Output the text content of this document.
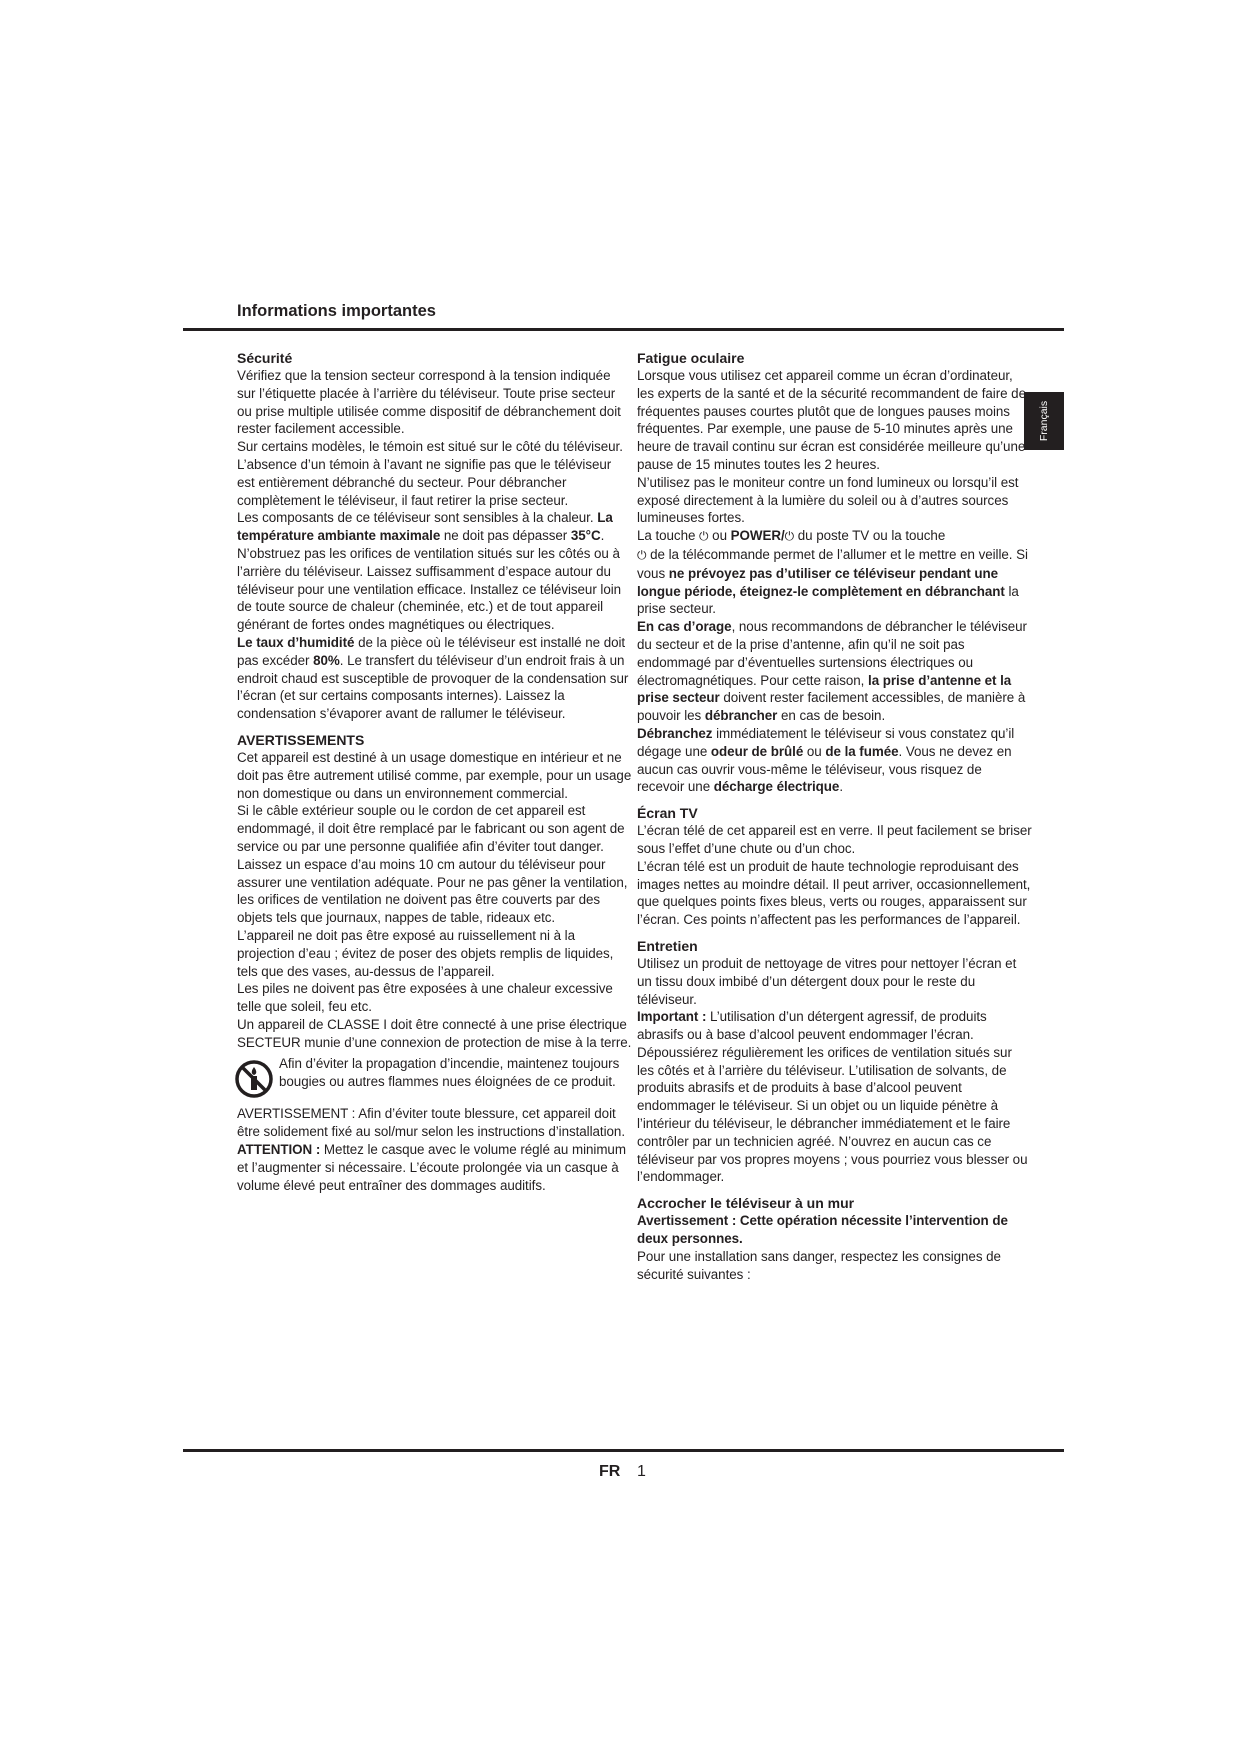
Informations importantes
Français
Sécurité

Vérifiez que la tension secteur correspond à la tension indiquée sur l’étiquette placée à l’arrière du téléviseur. Toute prise secteur ou prise multiple utilisée comme dispositif de débranchement doit rester facilement accessible.

Sur certains modèles, le témoin est situé sur le côté du téléviseur. L’absence d’un témoin à l’avant ne signifie pas que le téléviseur est entièrement débranché du secteur. Pour débrancher complètement le téléviseur, il faut retirer la prise secteur.

Les composants de ce téléviseur sont sensibles à la chaleur. La température ambiante maximale ne doit pas dépasser 35°C. N’obstruez pas les orifices de ventilation situés sur les côtés ou à l’arrière du téléviseur. Laissez suffisamment d’espace autour du téléviseur pour une ventilation efficace. Installez ce téléviseur loin de toute source de chaleur (cheminée, etc.) et de tout appareil générant de fortes ondes magnétiques ou électriques.

Le taux d’humidité de la pièce où le téléviseur est installé ne doit pas excéder 80%. Le transfert du téléviseur d’un endroit frais à un endroit chaud est susceptible de provoquer de la condensation sur l’écran (et sur certains composants internes). Laissez la condensation s’évaporer avant de rallumer le téléviseur.

AVERTISSEMENTS

Cet appareil est destiné à un usage domestique en intérieur et ne doit pas être autrement utilisé comme, par exemple, pour un usage non domestique ou dans un environnement commercial.

Si le câble extérieur souple ou le cordon de cet appareil est endommagé, il doit être remplacé par le fabricant ou son agent de service ou par une personne qualifiée afin d’éviter tout danger.

Laissez un espace d’au moins 10 cm autour du téléviseur pour assurer une ventilation adéquate. Pour ne pas gêner la ventilation, les orifices de ventilation ne doivent pas être couverts par des objets tels que journaux, nappes de table, rideaux etc.

L’appareil ne doit pas être exposé au ruissellement ni à la projection d’eau ; évitez de poser des objets remplis de liquides, tels que des vases, au-dessus de l’appareil.

Les piles ne doivent pas être exposées à une chaleur excessive telle que soleil, feu etc.

Un appareil de CLASSE I doit être connecté à une prise électrique SECTEUR munie d’une connexion de protection de mise à la terre.

Afin d’éviter la propagation d’incendie, maintenez toujours bougies ou autres flammes nues éloignées de ce produit.

AVERTISSEMENT : Afin d’éviter toute blessure, cet appareil doit être solidement fixé au sol/mur selon les instructions d’installation.

ATTENTION : Mettez le casque avec le volume réglé au minimum et l’augmenter si nécessaire. L’écoute prolongée via un casque à volume élevé peut entraîner des dommages auditifs.

Fatigue oculaire

Lorsque vous utilisez cet appareil comme un écran d’ordinateur, les experts de la santé et de la sécurité recommandent de faire de fréquentes pauses courtes plutôt que de longues pauses moins fréquentes. Par exemple, une pause de 5-10 minutes après une heure de travail continu sur écran est considérée meilleure qu’une pause de 15 minutes toutes les 2 heures.

N’utilisez pas le moniteur contre un fond lumineux ou lorsqu’il est exposé directement à la lumière du soleil ou à d’autres sources lumineuses fortes.

La touche ⏻ ou POWER/⏻ du poste TV ou la touche
⏻ de la télécommande permet de l’allumer et le mettre en veille. Si vous ne prévoyez pas d’utiliser ce téléviseur pendant une longue période, éteignez-le complètement en débranchant la prise secteur.

En cas d’orage, nous recommandons de débrancher le téléviseur du secteur et de la prise d’antenne, afin qu’il ne soit pas endommagé par d’éventuelles surtensions électriques ou électromagnétiques. Pour cette raison, la prise d’antenne et la prise secteur doivent rester facilement accessibles, de manière à pouvoir les débrancher en cas de besoin.

Débranchez immédiatement le téléviseur si vous constatez qu’il dégage une odeur de brûlé ou de la fumée. Vous ne devez en aucun cas ouvrir vous-même le téléviseur, vous risquez de recevoir une décharge électrique.

Écran TV

L’écran télé de cet appareil est en verre. Il peut facilement se briser sous l’effet d’une chute ou d’un choc.

L’écran télé est un produit de haute technologie reproduisant des images nettes au moindre détail. Il peut arriver, occasionnellement, que quelques points fixes bleus, verts ou rouges, apparaissent sur l’écran. Ces points n’affectent pas les performances de l’appareil.

Entretien

Utilisez un produit de nettoyage de vitres pour nettoyer l’écran et un tissu doux imbibé d’un détergent doux pour le reste du téléviseur.

Important : L’utilisation d’un détergent agressif, de produits abrasifs ou à base d’alcool peuvent endommager l’écran.

Dépoussiérez régulièrement les orifices de ventilation situés sur les côtés et à l’arrière du téléviseur. L’utilisation de solvants, de produits abrasifs et de produits à base d’alcool peuvent endommager le téléviseur. Si un objet ou un liquide pénètre à l’intérieur du téléviseur, le débrancher immédiatement et le faire contrôler par un technicien agréé. N’ouvrez en aucun cas ce téléviseur par vos propres moyens ; vous pourriez vous blesser ou l’endommager.

Accrocher le téléviseur à un mur

Avertissement : Cette opération nécessite l’intervention de deux personnes.

Pour une installation sans danger, respectez les consignes de sécurité suivantes :

FR 1
